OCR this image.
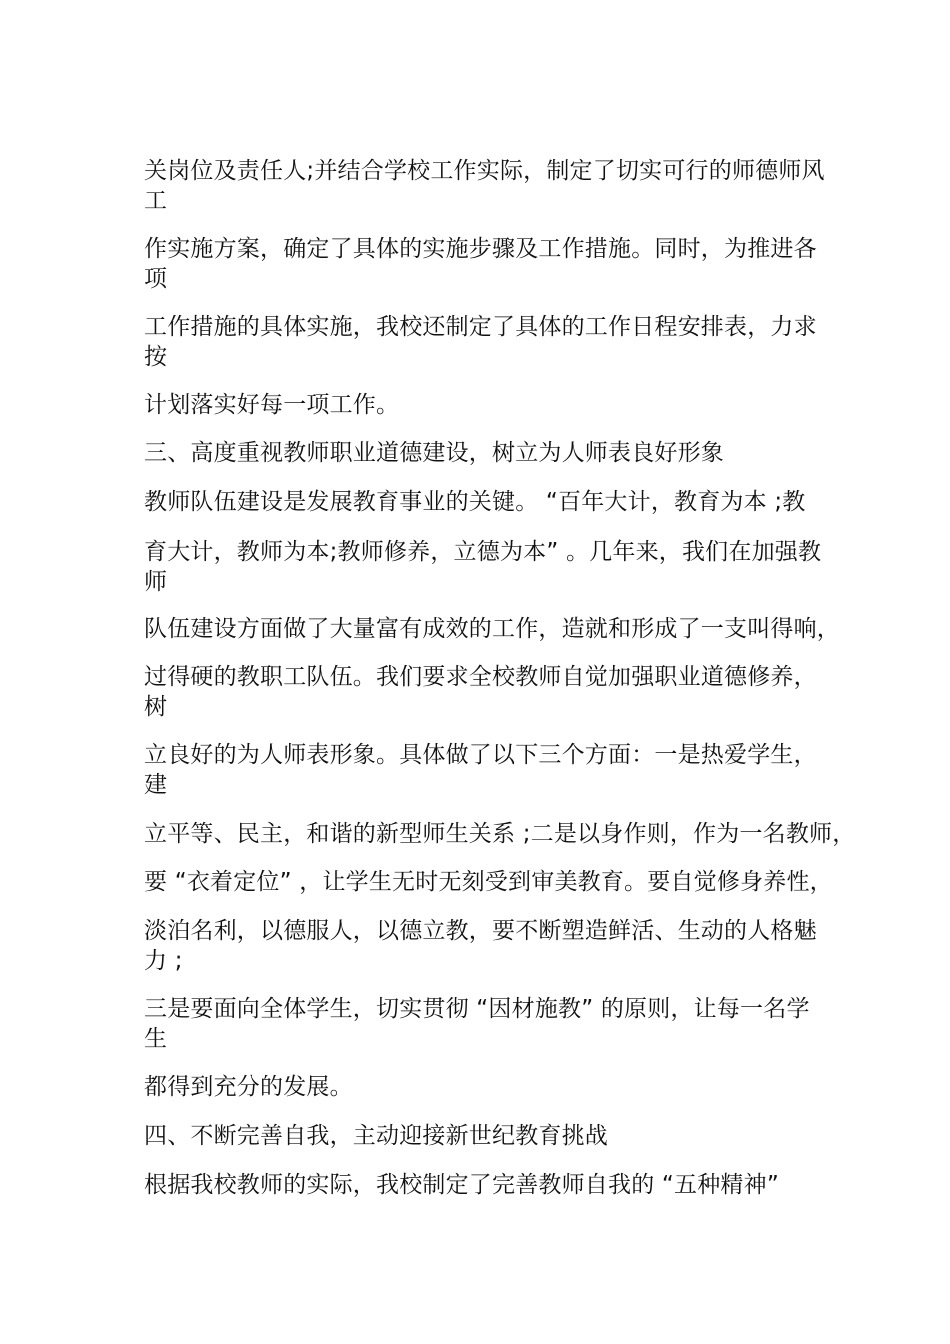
关岗位及责任人;并结合学校工作实际，制定了切实可行的师德师风
工
作实施方案，确定了具体的实施步骤及工作措施。同时，为推进各
项
工作措施的具体实施，我校还制定了具体的工作日程安排表，力求
按
计划落实好每一项工作。
三、高度重视教师职业道德建设，树立为人师表良好形象
教师队伍建设是发展教育事业的关键。 “百年大计，教育为本 ;教
育大计，教师为本;教师修养，立德为本” 。几年来，我们在加强教
师
队伍建设方面做了大量富有成效的工作，造就和形成了一支叫得响，
过得硬的教职工队伍。我们要求全校教师自觉加强职业道德修养，
树
立良好的为人师表形象。具体做了以下三个方面：一是热爱学生，
建
立平等、民主，和谐的新型师生关系 ;二是以身作则，作为一名教师，
要 “衣着定位” ，让学生无时无刻受到审美教育。要自觉修身养性，
淡泊名利，以德服人，以德立教，要不断塑造鲜活、生动的人格魅
力 ;
三是要面向全体学生，切实贯彻 “因材施教” 的原则，让每一名学
生
都得到充分的发展。
四、不断完善自我，主动迎接新世纪教育挑战
根据我校教师的实际，我校制定了完善教师自我的 “五种精神”
